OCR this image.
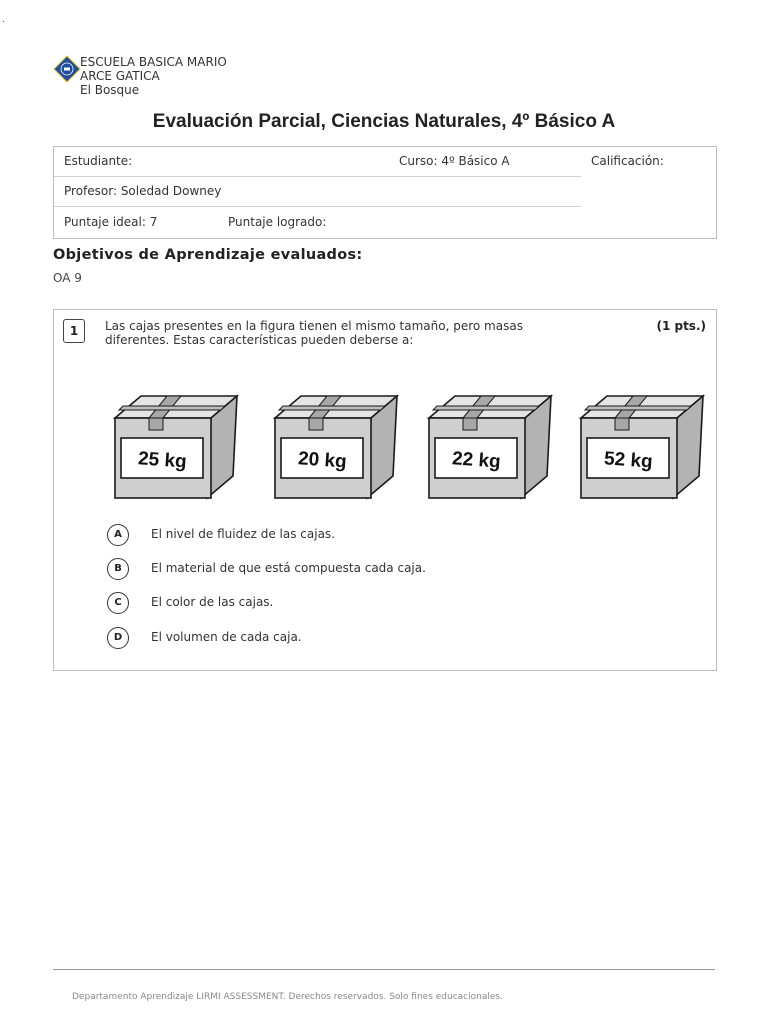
.
ESCUELA BASICA MARIO
ARCE GATICA
El Bosque
Evaluación Parcial, Ciencias Naturales, 4º Básico A
Estudiante:	Curso: 4º Básico A	Calificación:
Profesor: Soledad Downey
Puntaje ideal: 7	Puntaje logrado:
Objetivos de Aprendizaje evaluados:
OA 9
1	Las cajas presentes en la figura tienen el mismo tamaño, pero masas diferentes. Estas características pueden deberse a:
(1 pts.)
25 kg	20 kg	22 kg	52 kg
A	El nivel de fluidez de las cajas.
B	El material de que está compuesta cada caja.
C	El color de las cajas.
D	El volumen de cada caja.
Departamento Aprendizaje LIRMI ASSESSMENT. Derechos reservados. Solo fines educacionales.
